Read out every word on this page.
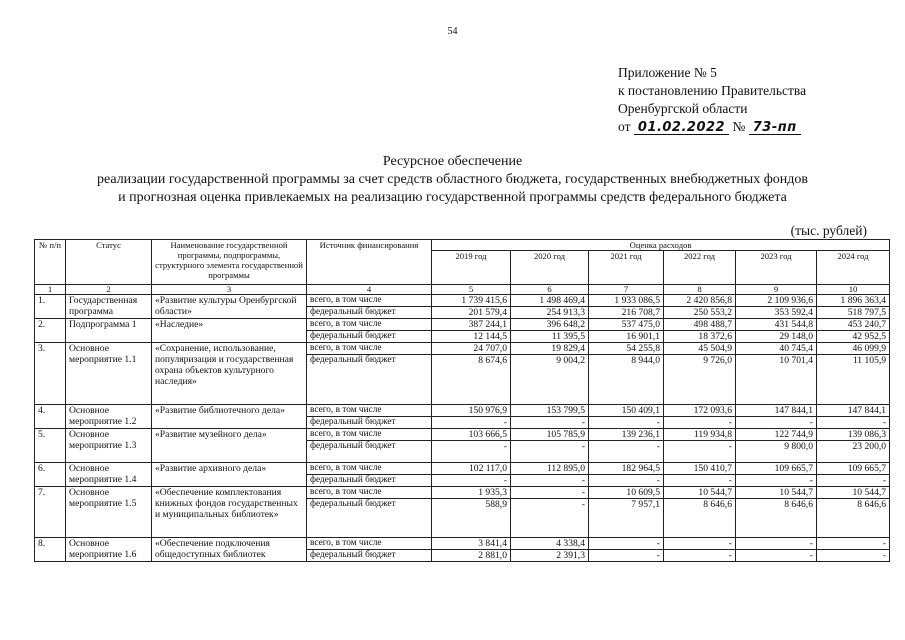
54
Приложение № 5
к постановлению Правительства
Оренбургской области
от 01.02.2022 № 73-пп
Ресурсное обеспечение
реализации государственной программы за счет средств областного бюджета, государственных внебюджетных фондов
и прогнозная оценка привлекаемых на реализацию государственной программы средств федерального бюджета
(тыс. рублей)
№ п/п	Статус	Наименование государственной программы, подпрограммы, структурного элемента государственной программы	Источник финансирования	Оценка расходов					
				2019 год	2020 год	2021 год	2022 год	2023 год	2024 год
1	2	3	4	5	6	7	8	9	10
1.	Государственная программа	«Развитие культуры Оренбургской области»	всего, в том числе	1 739 415,6	1 498 469,4	1 933 086,5	2 420 856,8	2 109 936,6	1 896 363,4
			федеральный бюджет	201 579,4	254 913,3	216 708,7	250 553,2	353 592,4	518 797,5
2.	Подпрограмма 1	«Наследие»	всего, в том числе	387 244,1	396 648,2	537 475,0	498 488,7	431 544,8	453 240,7
			федеральный бюджет	12 144,5	11 395,5	16 901,1	18 372,6	29 148,0	42 952,5
3.	Основное мероприятие 1.1	«Сохранение, использование, популяризация и государственная охрана объектов культурного наследия»	всего, в том числе	24 707,0	19 829,4	54 255,8	45 504,9	40 745,4	46 099,9
			федеральный бюджет	8 674,6	9 004,2	8 944,0	9 726,0	10 701,4	11 105,9
4.	Основное мероприятие 1.2	«Развитие библиотечного дела»	всего, в том числе	150 976,9	153 799,5	150 409,1	172 093,6	147 844,1	147 844,1
			федеральный бюджет	-	-	-	-	-	-
5.	Основное мероприятие 1.3	«Развитие музейного дела»	всего, в том числе	103 666,5	105 785,9	139 236,1	119 934,8	122 744,9	139 086,3
			федеральный бюджет	-	-	-	-	9 800,0	23 200,0
6.	Основное мероприятие 1.4	«Развитие архивного дела»	всего, в том числе	102 117,0	112 895,0	182 964,5	150 410,7	109 665,7	109 665,7
			федеральный бюджет	-	-	-	-	-	-
7.	Основное мероприятие 1.5	«Обеспечение комплектования книжных фондов государственных и муниципальных библиотек»	всего, в том числе	1 935,3	-	10 609,5	10 544,7	10 544,7	10 544,7
			федеральный бюджет	588,9	-	7 957,1	8 646,6	8 646,6	8 646,6
8.	Основное мероприятие 1.6	«Обеспечение подключения общедоступных библиотек	всего, в том числе	3 841,4	4 338,4	-	-	-	-
			федеральный бюджет	2 881,0	2 391,3	-	-	-	-
